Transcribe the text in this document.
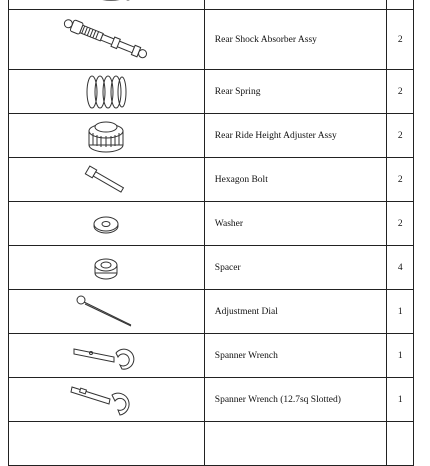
	Rear Shock Absorber Assy	2	

	Rear Spring	2	

	Rear Ride Height Adjuster Assy	2	

	Hexagon Bolt	2	

	Washer	2	

	Spacer	4	

	Adjustment Dial	1	

	Spanner Wrench	1	

	Spanner Wrench (12.7sq Slotted)	1	
